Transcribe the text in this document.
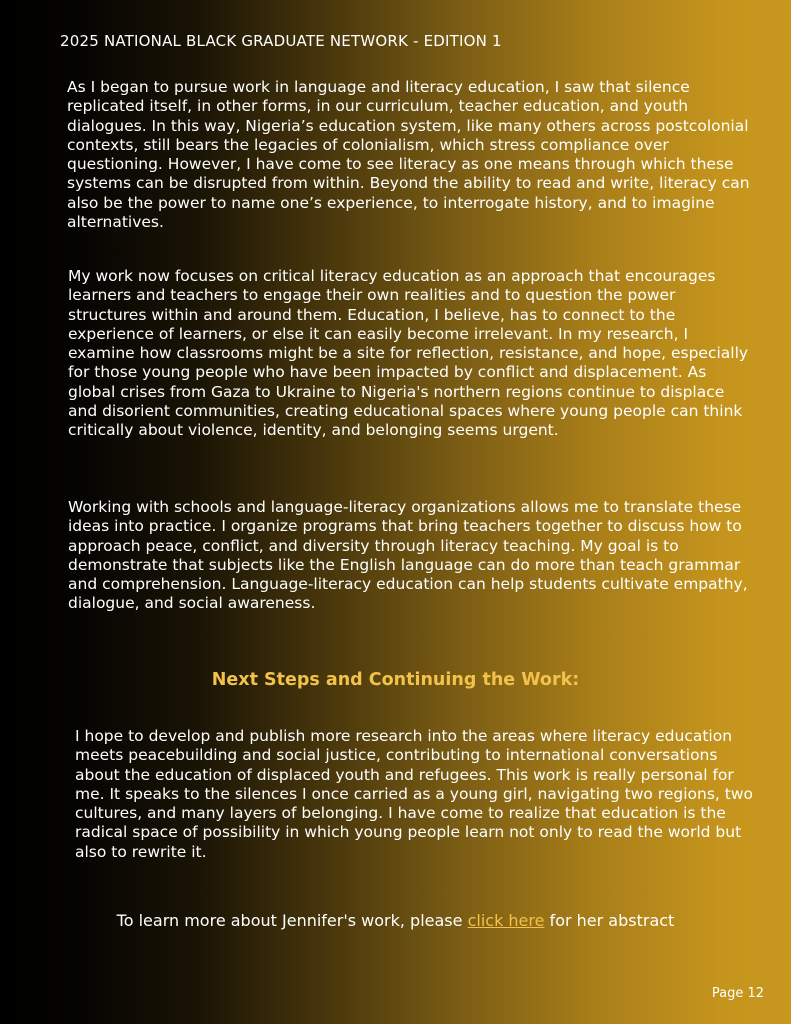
2025 NATIONAL BLACK GRADUATE NETWORK - EDITION 1

As I began to pursue work in language and literacy education, I saw that silence replicated itself, in other forms, in our curriculum, teacher education, and youth dialogues. In this way, Nigeria’s education system, like many others across postcolonial contexts, still bears the legacies of colonialism, which stress compliance over questioning. However, I have come to see literacy as one means through which these systems can be disrupted from within. Beyond the ability to read and write, literacy can also be the power to name one’s experience, to interrogate history, and to imagine alternatives.

My work now focuses on critical literacy education as an approach that encourages learners and teachers to engage their own realities and to question the power structures within and around them. Education, I believe, has to connect to the experience of learners, or else it can easily become irrelevant. In my research, I examine how classrooms might be a site for reflection, resistance, and hope, especially for those young people who have been impacted by conflict and displacement. As global crises from Gaza to Ukraine to Nigeria's northern regions continue to displace and disorient communities, creating educational spaces where young people can think critically about violence, identity, and belonging seems urgent.

Working with schools and language-literacy organizations allows me to translate these ideas into practice. I organize programs that bring teachers together to discuss how to approach peace, conflict, and diversity through literacy teaching. My goal is to demonstrate that subjects like the English language can do more than teach grammar and comprehension. Language-literacy education can help students cultivate empathy, dialogue, and social awareness.

Next Steps and Continuing the Work:

I hope to develop and publish more research into the areas where literacy education meets peacebuilding and social justice, contributing to international conversations about the education of displaced youth and refugees. This work is really personal for me. It speaks to the silences I once carried as a young girl, navigating two regions, two cultures, and many layers of belonging. I have come to realize that education is the radical space of possibility in which young people learn not only to read the world but also to rewrite it.

To learn more about Jennifer's work, please click here for her abstract
Page 12
